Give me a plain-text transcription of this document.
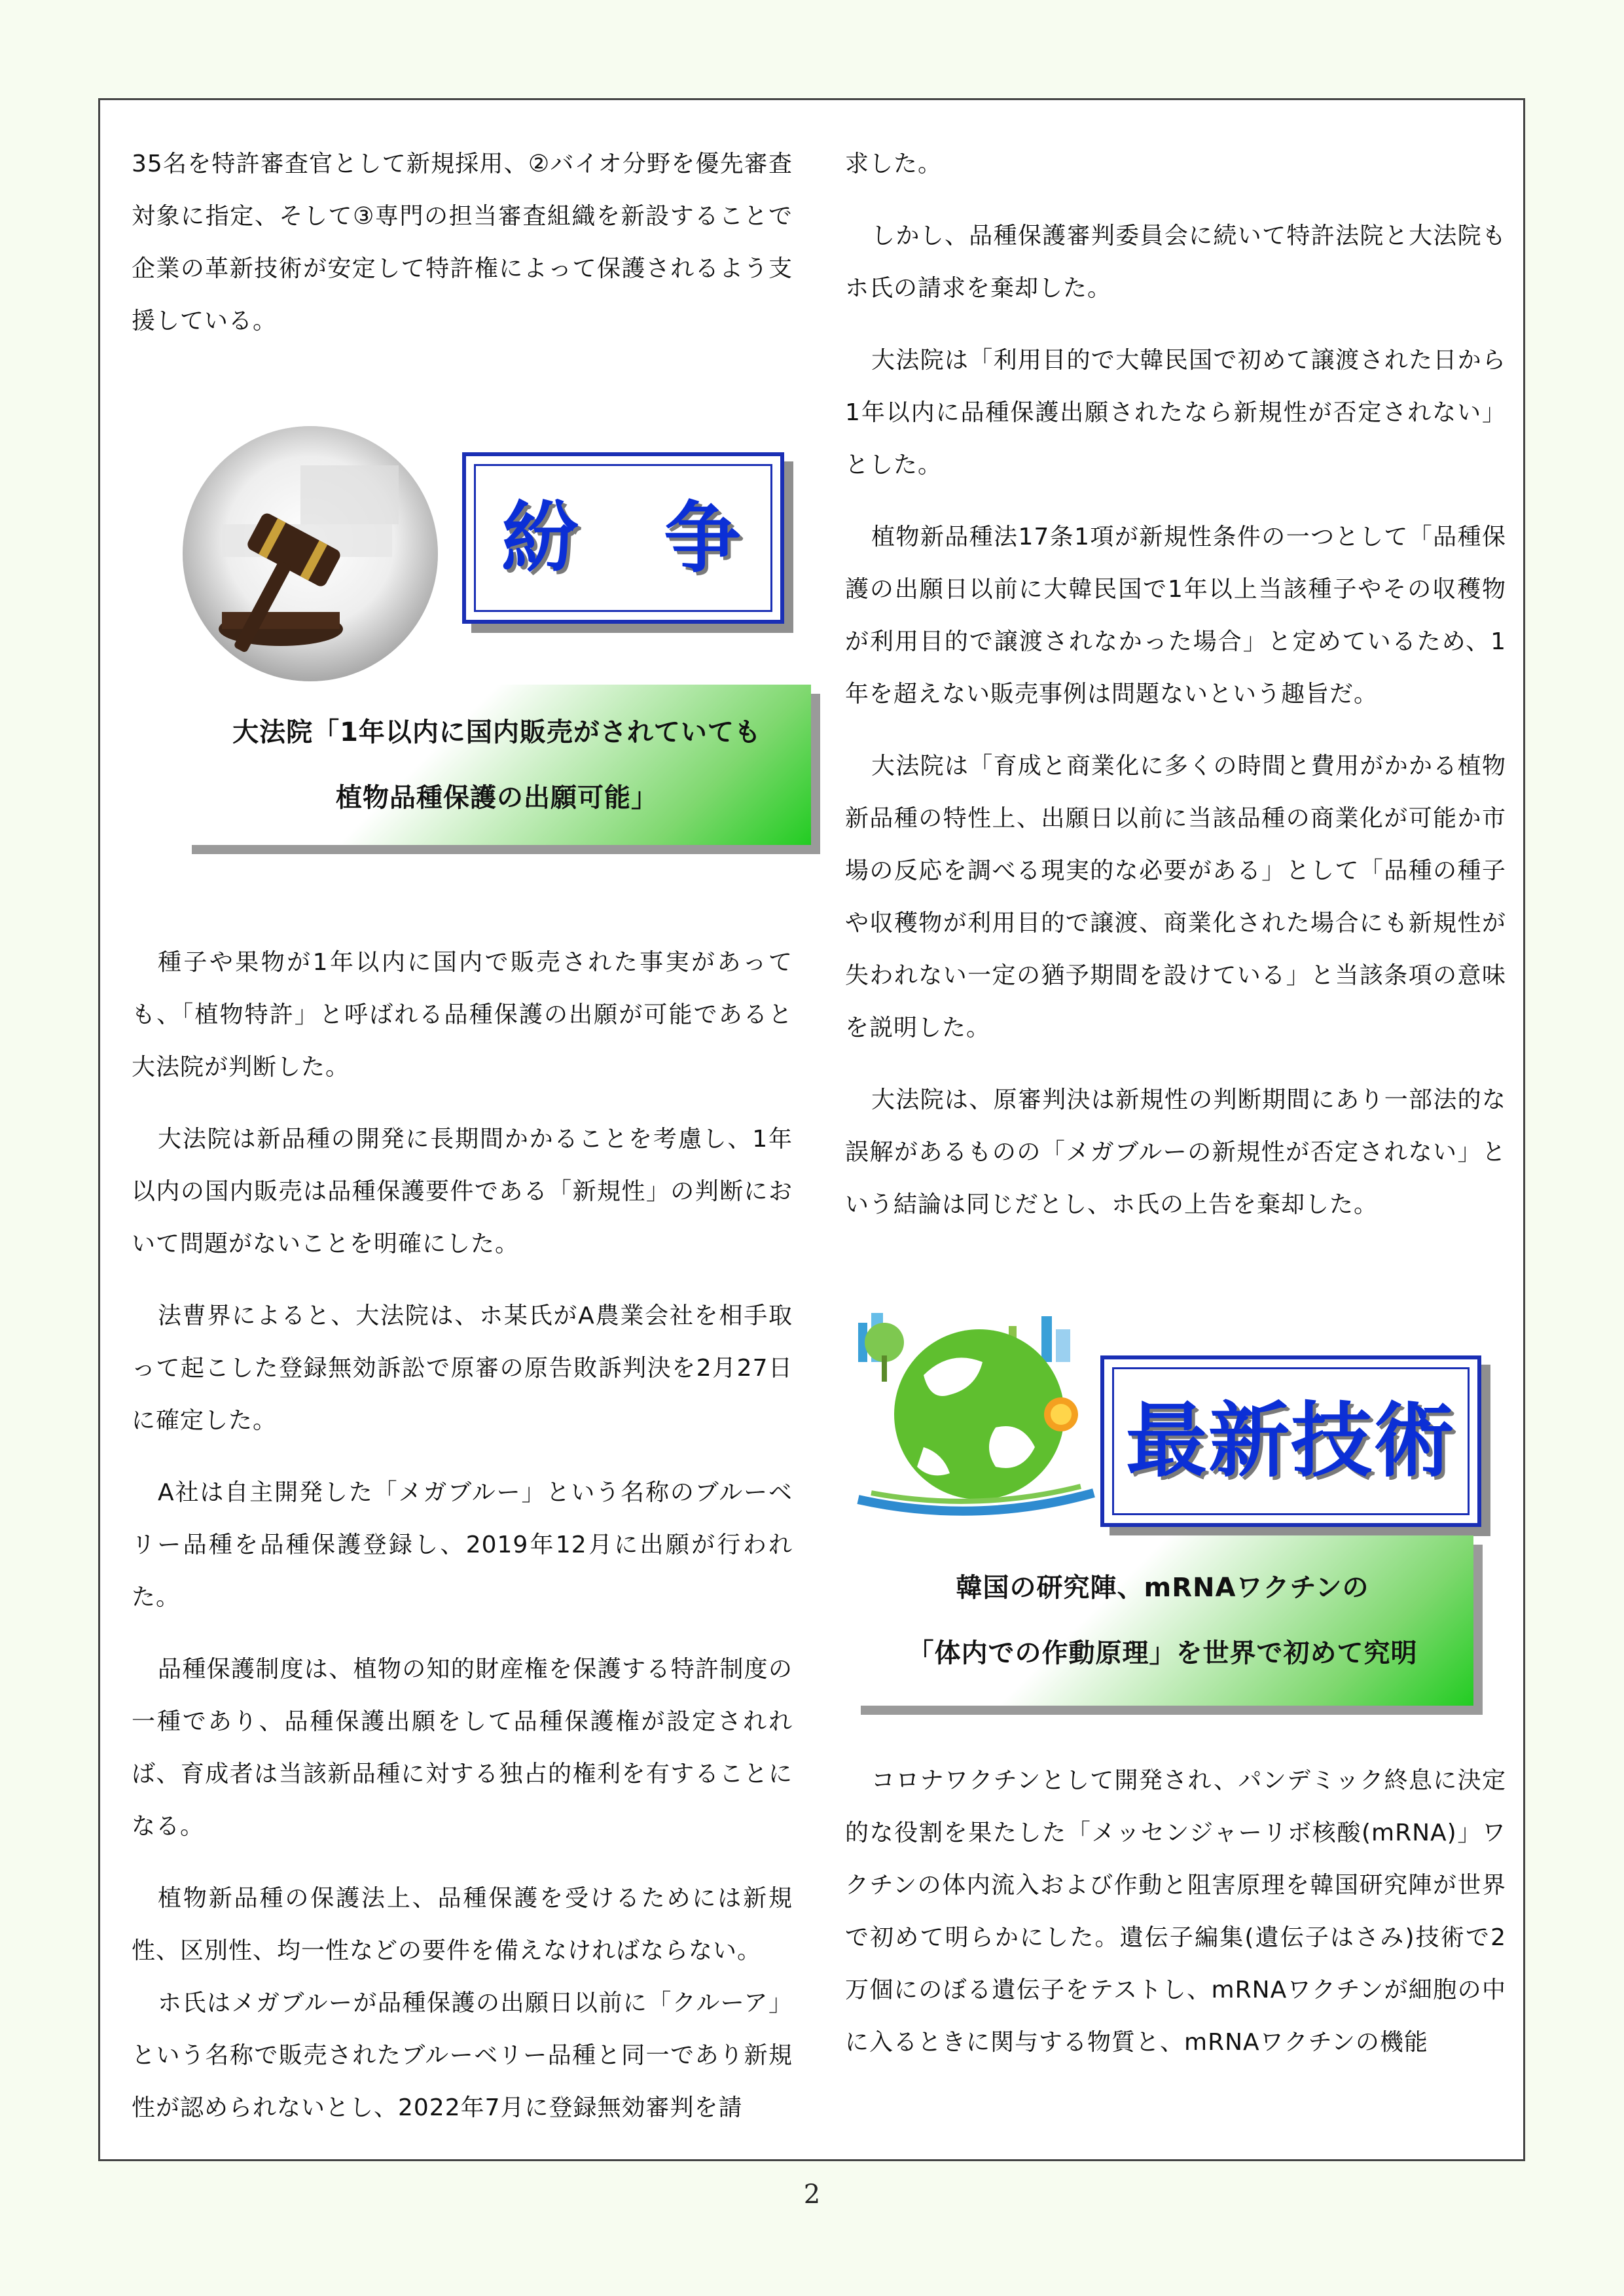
35名を特許審査官として新規採用、②バイオ分野を優先審査対象に指定、そして③専門の担当審査組織を新設することで企業の革新技術が安定して特許権によって保護されるよう支援している。

紛　争
大法院「1年以内に国内販売がされていても
植物品種保護の出願可能」

種子や果物が1年以内に国内で販売された事実があっても、「植物特許」と呼ばれる品種保護の出願が可能であると大法院が判断した。

大法院は新品種の開発に長期間かかることを考慮し、1年以内の国内販売は品種保護要件である「新規性」の判断において問題がないことを明確にした。

法曹界によると、大法院は、ホ某氏がA農業会社を相手取って起こした登録無効訴訟で原審の原告敗訴判決を2月27日に確定した。

A社は自主開発した「メガブルー」という名称のブルーベリー品種を品種保護登録し、2019年12月に出願が行われた。

品種保護制度は、植物の知的財産権を保護する特許制度の一種であり、品種保護出願をして品種保護権が設定されれば、育成者は当該新品種に対する独占的権利を有することになる。

植物新品種の保護法上、品種保護を受けるためには新規性、区別性、均一性などの要件を備えなければならない。

ホ氏はメガブルーが品種保護の出願日以前に「クルーア」という名称で販売されたブルーベリー品種と同一であり新規性が認められないとし、2022年7月に登録無効審判を請

求した。

しかし、品種保護審判委員会に続いて特許法院と大法院もホ氏の請求を棄却した。

大法院は「利用目的で大韓民国で初めて譲渡された日から1年以内に品種保護出願されたなら新規性が否定されない」とした。

植物新品種法17条1項が新規性条件の一つとして「品種保護の出願日以前に大韓民国で1年以上当該種子やその収穫物が利用目的で譲渡されなかった場合」と定めているため、1年を超えない販売事例は問題ないという趣旨だ。

大法院は「育成と商業化に多くの時間と費用がかかる植物新品種の特性上、出願日以前に当該品種の商業化が可能か市場の反応を調べる現実的な必要がある」として「品種の種子や収穫物が利用目的で譲渡、商業化された場合にも新規性が失われない一定の猶予期間を設けている」と当該条項の意味を説明した。

大法院は、原審判決は新規性の判断期間にあり一部法的な誤解があるものの「メガブルーの新規性が否定されない」という結論は同じだとし、ホ氏の上告を棄却した。

最新技術
韓国の研究陣、mRNAワクチンの
「体内での作動原理」を世界で初めて究明

コロナワクチンとして開発され、パンデミック終息に決定的な役割を果たした「メッセンジャーリボ核酸(mRNA)」ワクチンの体内流入および作動と阻害原理を韓国研究陣が世界で初めて明らかにした。遺伝子編集(遺伝子はさみ)技術で2万個にのぼる遺伝子をテストし、mRNAワクチンが細胞の中に入るときに関与する物質と、mRNAワクチンの機能

2
